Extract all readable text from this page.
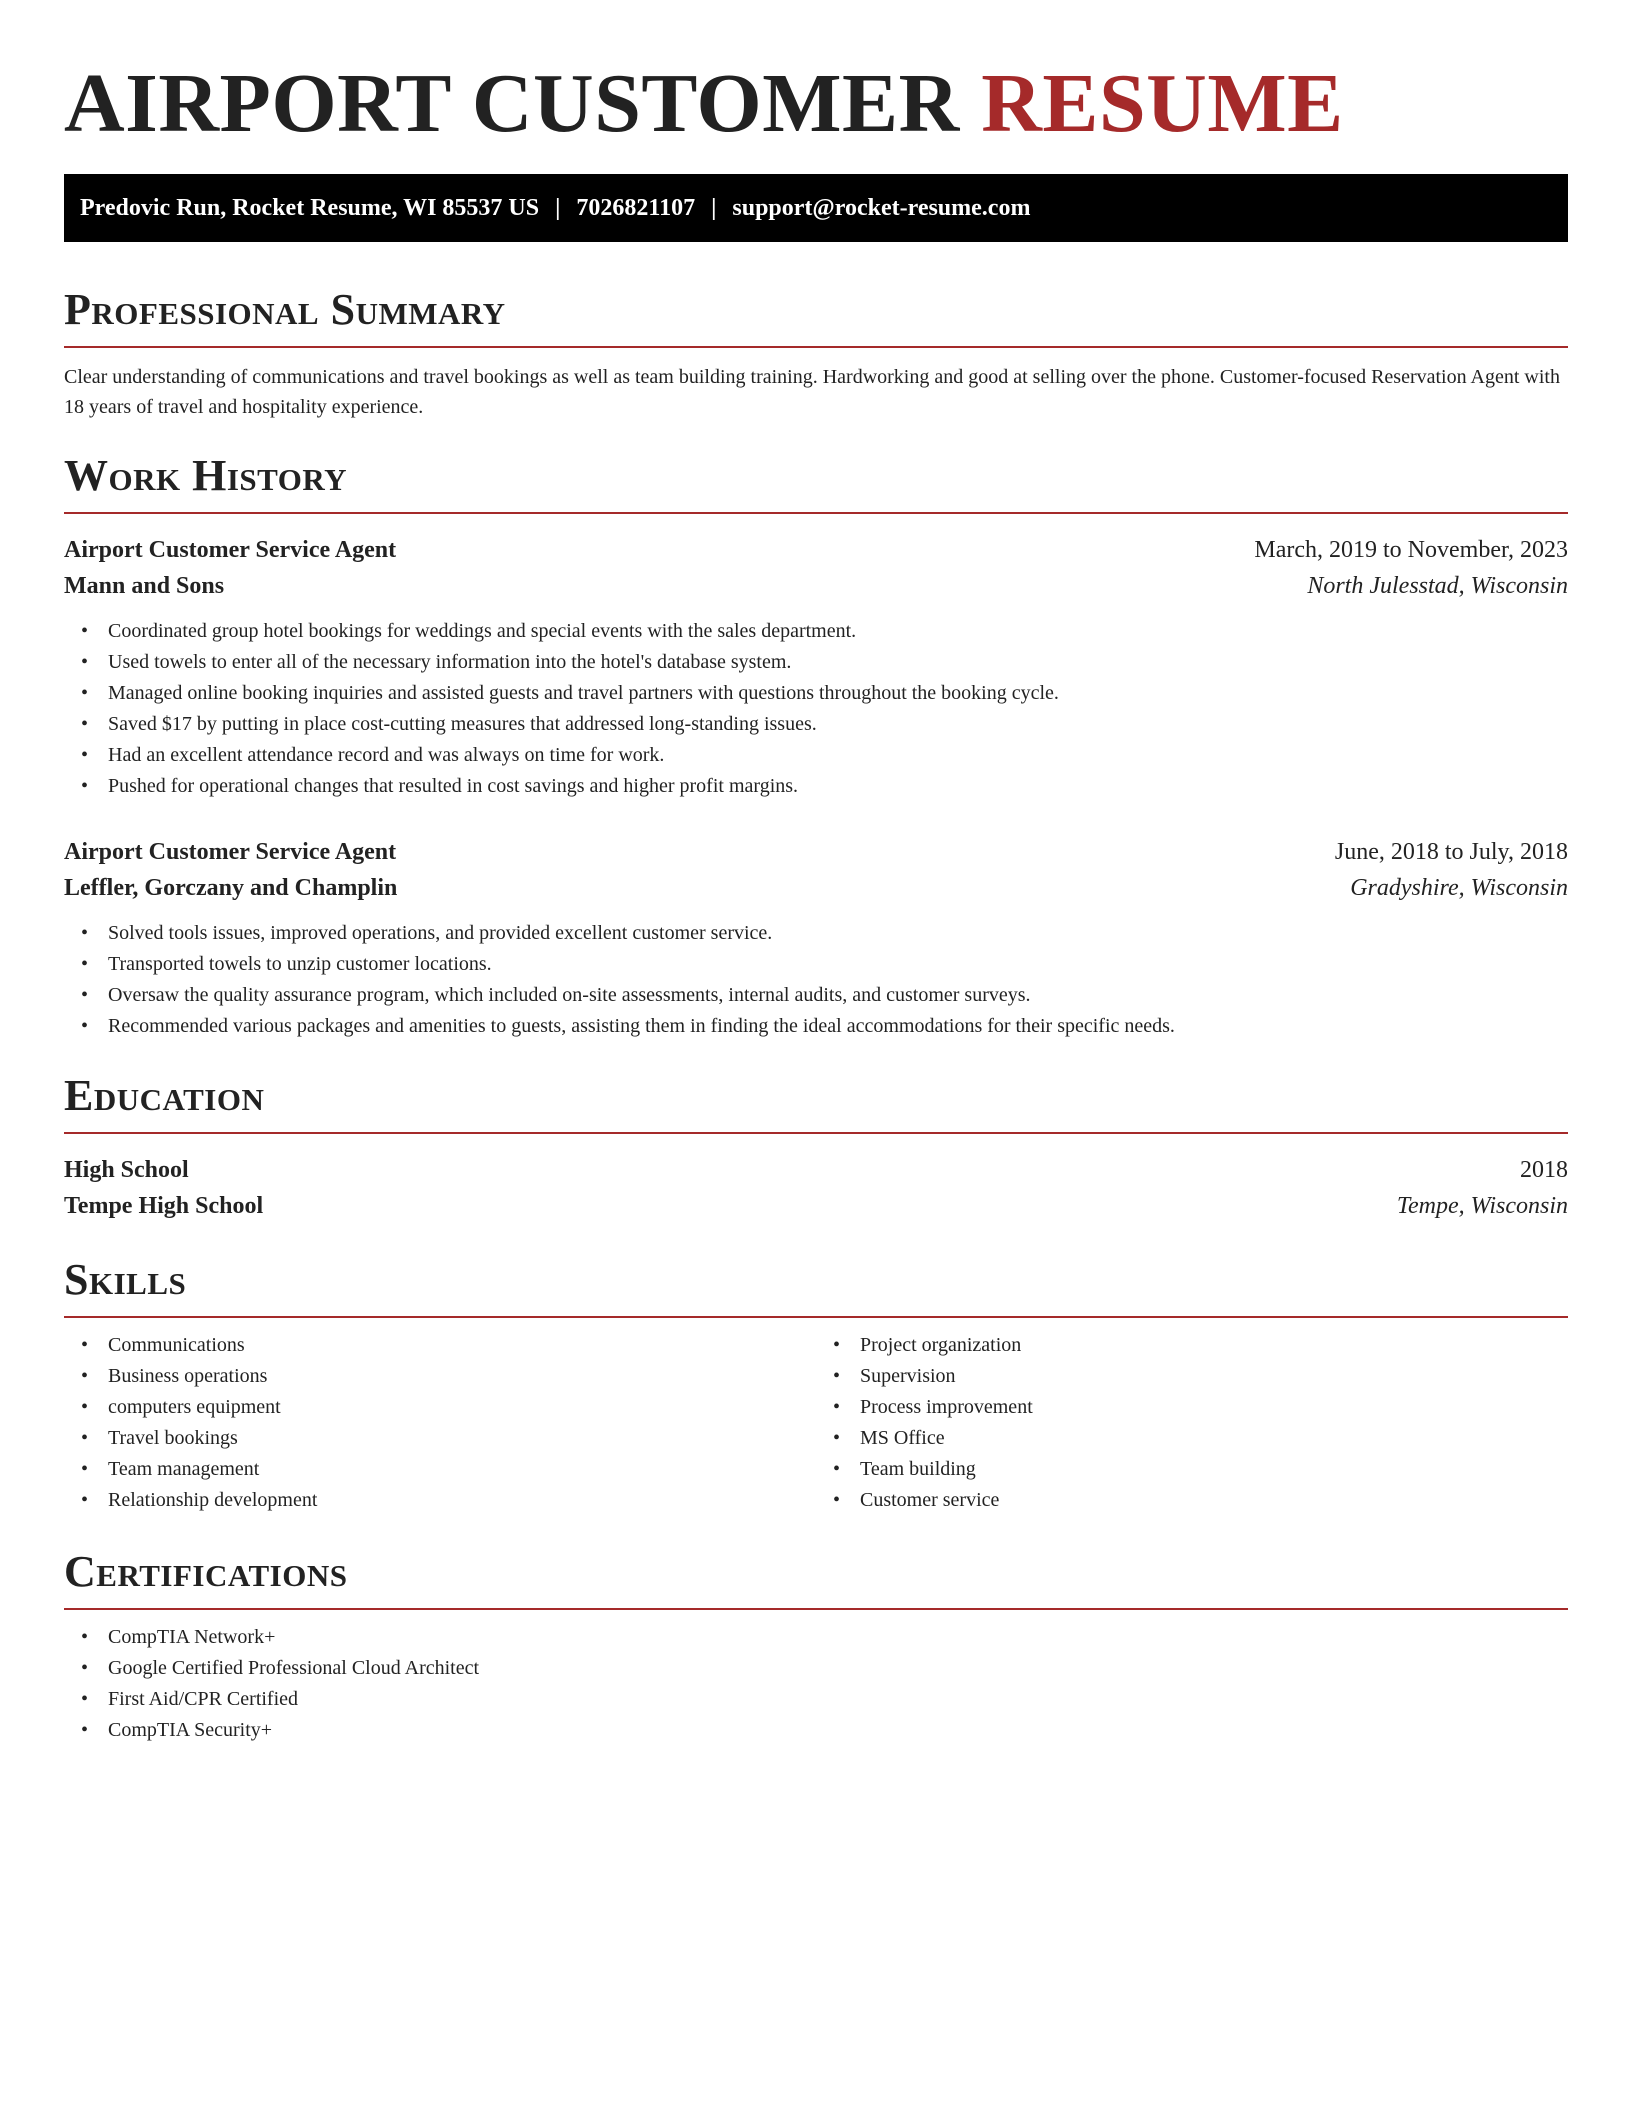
AIRPORT CUSTOMER RESUME
Predovic Run, Rocket Resume, WI 85537 US | 7026821107 | support@rocket-resume.com
Professional Summary

Clear understanding of communications and travel bookings as well as team building training. Hardworking and good at selling over the phone. Customer-focused Reservation Agent with 18 years of travel and hospitality experience.

Work History
Airport Customer Service Agent	March, 2019 to November, 2023
Mann and Sons	North Julesstad, Wisconsin
• Coordinated group hotel bookings for weddings and special events with the sales department.
• Used towels to enter all of the necessary information into the hotel's database system.
• Managed online booking inquiries and assisted guests and travel partners with questions throughout the booking cycle.
• Saved $17 by putting in place cost-cutting measures that addressed long-standing issues.
• Had an excellent attendance record and was always on time for work.
• Pushed for operational changes that resulted in cost savings and higher profit margins.
Airport Customer Service Agent	June, 2018 to July, 2018
Leffler, Gorczany and Champlin	Gradyshire, Wisconsin
• Solved tools issues, improved operations, and provided excellent customer service.
• Transported towels to unzip customer locations.
• Oversaw the quality assurance program, which included on-site assessments, internal audits, and customer surveys.
• Recommended various packages and amenities to guests, assisting them in finding the ideal accommodations for their specific needs.
Education
High School	2018
Tempe High School	Tempe, Wisconsin
Skills
• Communications
• Business operations
• computers equipment
• Travel bookings
• Team management
• Relationship development
• Project organization
• Supervision
• Process improvement
• MS Office
• Team building
• Customer service
Certifications
• CompTIA Network+
• Google Certified Professional Cloud Architect
• First Aid/CPR Certified
• CompTIA Security+
